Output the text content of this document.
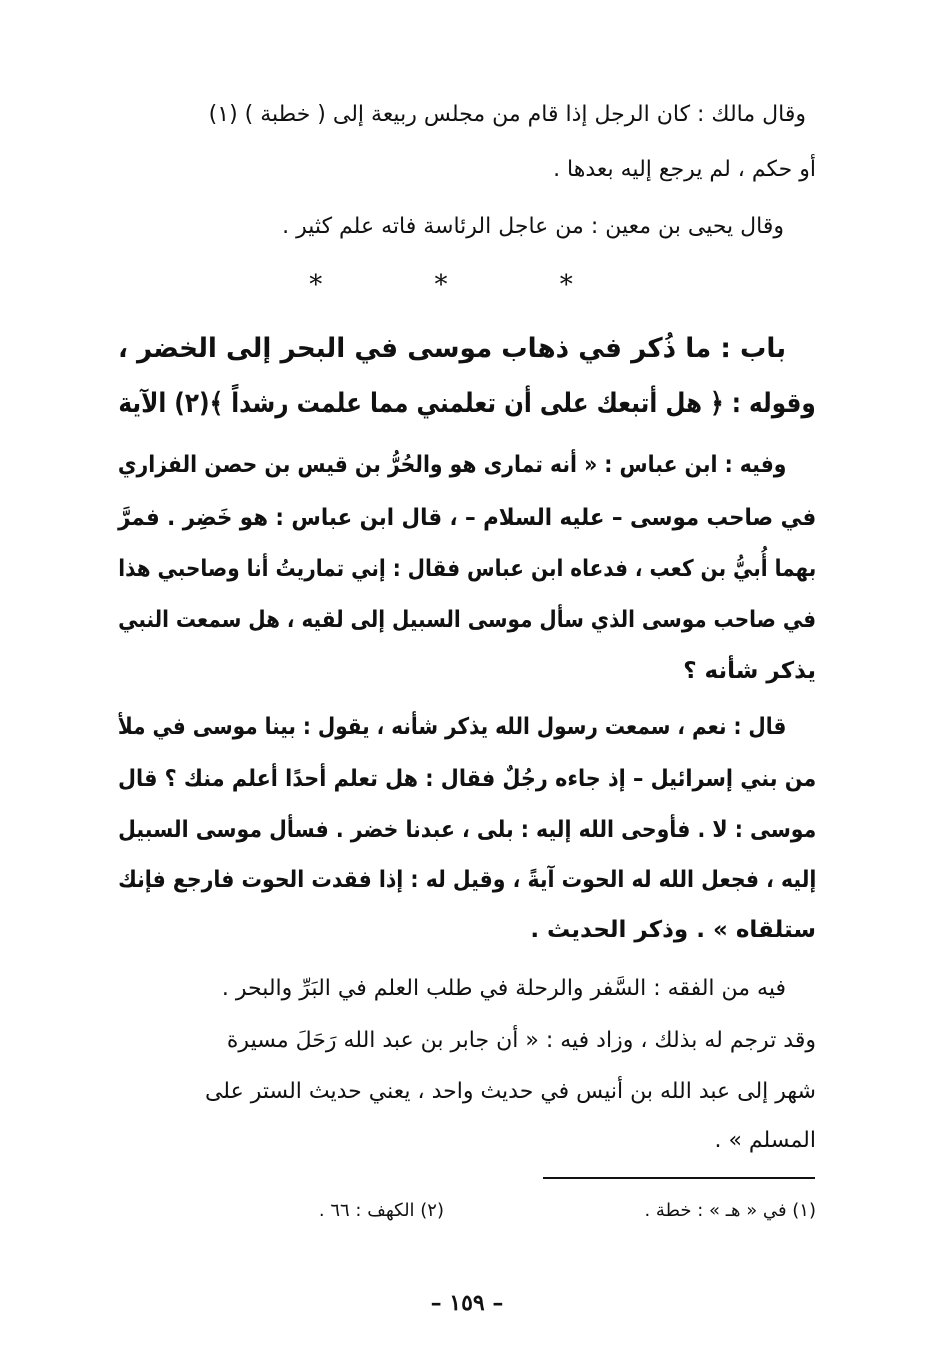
وقال مالك : كان الرجل إذا قام من مجلس ربيعة إلى ( خطبة ) (١)
أو حكم ، لم يرجع إليه بعدها .
وقال يحيى بن معين : من عاجل الرئاسة فاته علم كثير .
* * *
باب : ما ذُكر في ذهاب موسى في البحر إلى الخضر ،
وقوله : ﴿ هل أتبعك على أن تعلمني مما علمت رشداً ﴾(٢) الآية
وفيه : ابن عباس : « أنه تمارى هو والحُرُّ بن قيس بن حصن الفزاري
في صاحب موسى – عليه السلام – ، قال ابن عباس : هو خَضِر . فمرَّ
بهما أُبيُّ بن كعب ، فدعاه ابن عباس فقال : إني تماريتُ أنا وصاحبي هذا
في صاحب موسى الذي سأل موسى السبيل إلى لقيه ، هل سمعت النبي
يذكر شأنه ؟
قال : نعم ، سمعت رسول الله يذكر شأنه ، يقول : بينا موسى في ملأ
من بني إسرائيل – إذ جاءه رجُلٌ فقال : هل تعلم أحدًا أعلم منك ؟ قال
موسى : لا . فأوحى الله إليه : بلى ، عبدنا خضر . فسأل موسى السبيل
إليه ، فجعل الله له الحوت آيةً ، وقيل له : إذا فقدت الحوت فارجع فإنك
ستلقاه » . وذكر الحديث .
فيه من الفقه : السَّفر والرحلة في طلب العلم في البَرِّ والبحر .
وقد ترجم له بذلك ، وزاد فيه : « أن جابر بن عبد الله رَحَلَ مسيرة
شهر إلى عبد الله بن أنيس في حديث واحد ، يعني حديث الستر على
المسلم » .
(١) في « هـ » : خطة .
(٢) الكهف : ٦٦ .
– ١٥٩ –
